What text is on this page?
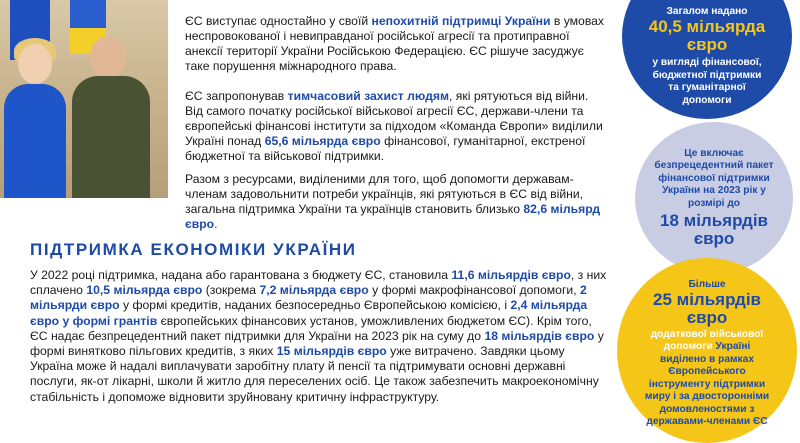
ЄС виступає одностайно у своїй непохитній підтримці України в умовах неспровокованої і невиправданої російської агресії та протиправної анексії території України Російською Федерацією. ЄС рішуче засуджує таке порушення міжнародного права.

ЄС запропонував тимчасовий захист людям, які рятуються від війни. Від самого початку російської військової агресії ЄС, держави-члени та європейські фінансові інститути за підходом «Команда Європи» виділили Україні понад 65,6 мільярда євро фінансової, гуманітарної, екстреної бюджетної та військової підтримки.

Разом з ресурсами, виділеними для того, щоб допомогти державам-членам задовольнити потреби українців, які рятуються в ЄС від війни, загальна підтримка України та українців становить близько 82,6 мільярд євро.

ПІДТРИМКА ЕКОНОМІКИ УКРАЇНИ

У 2022 році підтримка, надана або гарантована з бюджету ЄС, становила 11,6 мільярдів євро, з них сплачено 10,5 мільярда євро (зокрема 7,2 мільярда євро у формі макрофінансової допомоги, 2 мільярди євро у формі кредитів, наданих безпосередньо Європейською комісією, і 2,4 мільярда євро у формі грантів європейських фінансових установ, уможливлених бюджетом ЄС). Крім того, ЄС надає безпрецедентний пакет підтримки для України на 2023 рік на суму до 18 мільярдів євро у формі винятково пільгових кредитів, з яких 15 мільярдів євро уже витрачено. Завдяки цьому Україна може й надалі виплачувати заробітну плату й пенсії та підтримувати основні державні послуги, як-от лікарні, школи й житло для переселених осіб. Це також забезпечить макроекономічну стабільність і допоможе відновити зруйновану критичну інфраструктуру.

Загалом надано
40,5 мільярда євро
у вигляді фінансової, бюджетної підтримки та гуманітарної допомоги
Це включає безпрецедентний пакет фінансової підтримки України на 2023 рік у розмірі до
18 мільярдів євро
Більше
25 мільярдів євро
додаткової військової
допомоги Україні виділено в рамках Європейського інструменту підтримки миру і за двосторонніми домовленостями з державами-членами ЄС
